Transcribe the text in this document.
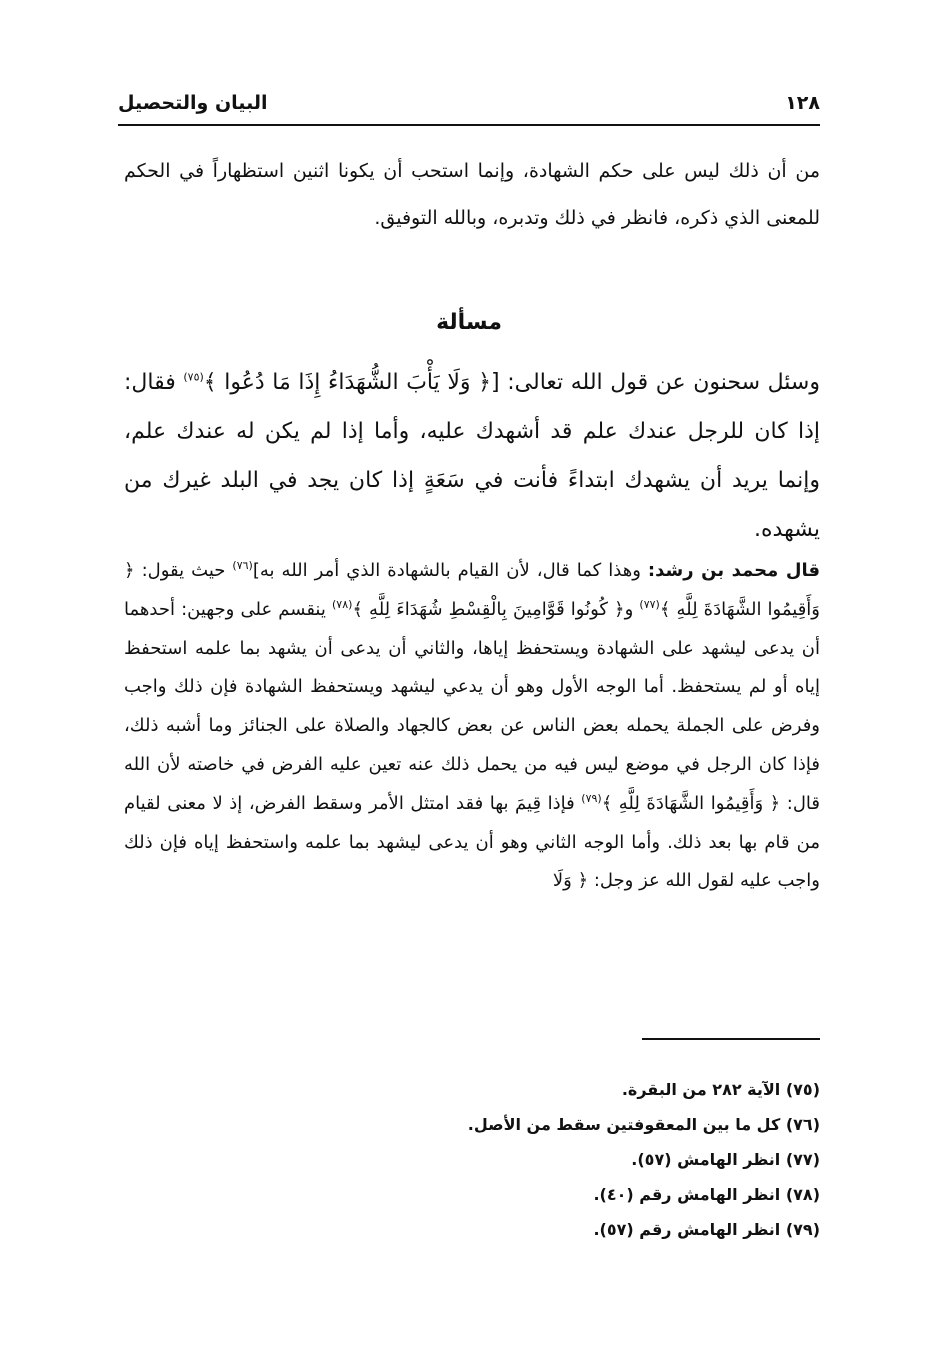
١٢٨
البيان والتحصيل
من أن ذلك ليس على حكم الشهادة، وإنما استحب أن يكونا اثنين استظهاراً في الحكم للمعنى الذي ذكره، فانظر في ذلك وتدبره، وبالله التوفيق.
مسألة
وسئل سحنون عن قول الله تعالى: [﴿ وَلَا يَأْبَ الشُّهَدَاءُ إِذَا مَا دُعُوا ﴾$^{(٧٥)}$ فقال: إذا كان للرجل عندك علم قد أشهدك عليه، وأما إذا لم يكن له عندك علم، وإنما يريد أن يشهدك ابتداءً فأنت في سَعَةٍ إذا كان يجد في البلد غيرك من يشهده.
قال محمد بن رشد: وهذا كما قال، لأن القيام بالشهادة الذي أمر الله به]$^{(٧٦)}$ حيث يقول: ﴿ وَأَقِيمُوا الشَّهَادَةَ لِلَّهِ ﴾$^{(٧٧)}$ و﴿ كُونُوا قَوَّامِينَ بِالْقِسْطِ شُهَدَاءَ لِلَّهِ ﴾$^{(٧٨)}$ ينقسم على وجهين: أحدهما أن يدعى ليشهد على الشهادة ويستحفظ إياها، والثاني أن يدعى أن يشهد بما علمه استحفظ إياه أو لم يستحفظ. أما الوجه الأول وهو أن يدعي ليشهد ويستحفظ الشهادة فإن ذلك واجب وفرض على الجملة يحمله بعض الناس عن بعض كالجهاد والصلاة على الجنائز وما أشبه ذلك، فإذا كان الرجل في موضع ليس فيه من يحمل ذلك عنه تعين عليه الفرض في خاصته لأن الله قال: ﴿ وَأَقِيمُوا الشَّهَادَةَ لِلَّهِ ﴾$^{(٧٩)}$ فإذا قِيمَ بها فقد امتثل الأمر وسقط الفرض، إذ لا معنى لقيام من قام بها بعد ذلك. وأما الوجه الثاني وهو أن يدعى ليشهد بما علمه واستحفظ إياه فإن ذلك واجب عليه لقول الله عز وجل: ﴿ وَلَا
(٧٥) الآية ٢٨٢ من البقرة.
(٧٦) كل ما بين المعقوفتين سقط من الأصل.
(٧٧) انظر الهامش (٥٧).
(٧٨) انظر الهامش رقم (٤٠).
(٧٩) انظر الهامش رقم (٥٧).
